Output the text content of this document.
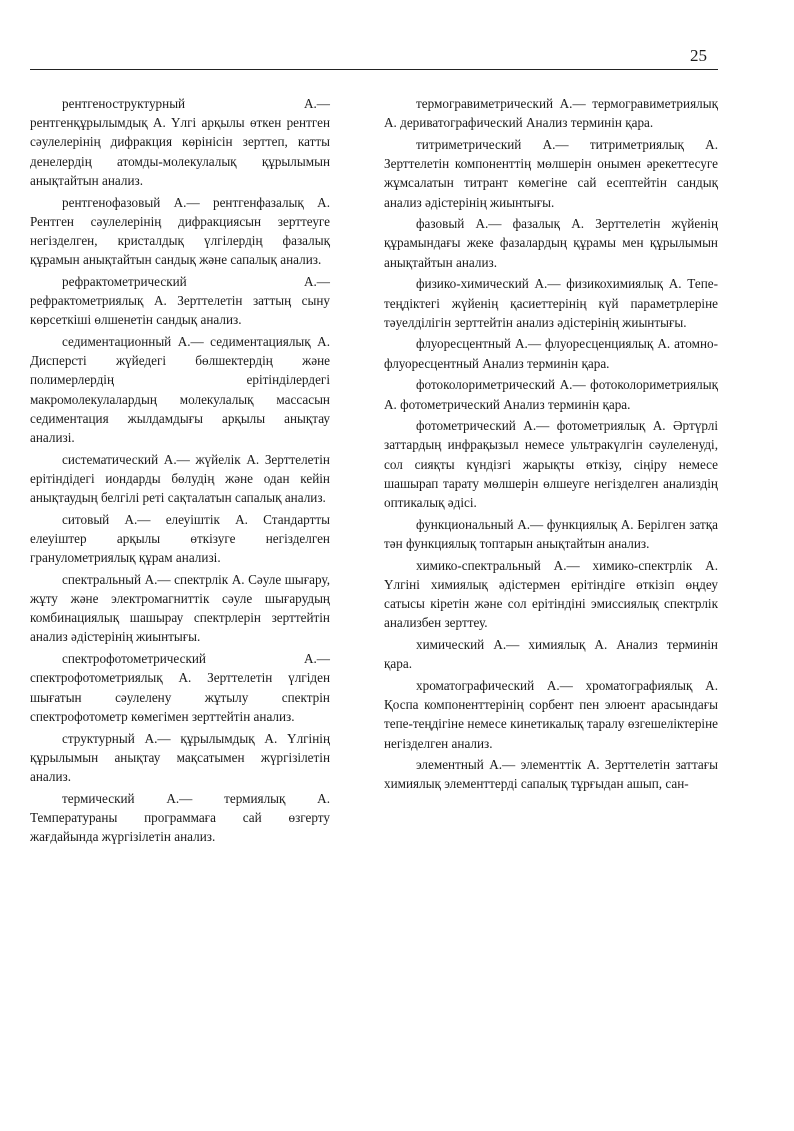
25

рентгеноструктурный А.— рентгенқұрылымдық А. Үлгі арқылы өткен рентген сәулелерінің дифракция көрінісін зерттеп, катты денелердің атомды-молекулалық құрылымын анықтайтын анализ.

рентгенофазовый А.— рентгенфазалық А. Рентген сәулелерінің дифракциясын зерттеуге негізделген, кристалдық үлгілердің фазалық құрамын анықтайтын сандық және сапалық анализ.

рефрактометрический А.— рефрактометриялық А. Зерттелетін заттың сыну көрсеткіші өлшенетін сандық анализ.

седиментационный А.— седиментациялық А. Дисперсті жүйедегі бөлшектердің және полимерлердің ерітінділердегі макромолекулалардың молекулалық массасын седиментация жылдамдығы арқылы анықтау анализі.

систематический А.— жүйелік А. Зерттелетін ерітіндідегі иондарды бөлудің және одан кейін анықтаудың белгілі реті сақталатын сапалық анализ.

ситовый А.— елеуіштік А. Стандартты елеуіштер арқылы өткізуге негізделген гранулометриялық құрам анализі.

спектральный А.— спектрлік А. Сәуле шығару, жұту және электромагниттік сәуле шығарудың комбинациялық шашырау спектрлерін зерттейтін анализ әдістерінің жиынтығы.

спектрофотометрический А.— спектрофотометриялық А. Зерттелетін үлгіден шығатын сәулелену жұтылу спектрін спектрофотометр көмегімен зерттейтін анализ.

структурный А.— құрылымдық А. Үлгінің құрылымын анықтау мақсатымен жүргізілетін анализ.

термический А.— термиялық А. Температураны программаға сай өзгерту жағдайында жүргізілетін анализ.

термогравиметрический А.— термогравиметриялық А. дериватографический Анализ терминін қара.

титриметрический А.— титриметриялық А. Зерттелетін компоненттің мөлшерін онымен әрекеттесуге жұмсалатын титрант көмегіне сай есептейтін сандық анализ әдістерінің жиынтығы.

фазовый А.— фазалық А. Зерттелетін жүйенің құрамындағы жеке фазалардың құрамы мен құрылымын анықтайтын анализ.

физико-химический А.— физикохимиялық А. Тепе-теңдіктегі жүйенің қасиеттерінің күй параметрлеріне тәуелділігін зерттейтін анализ әдістерінің жиынтығы.

флуоресцентный А.— флуоресценциялық А. атомно-флуоресцентный Анализ терминін қара.

фотоколориметрический А.— фотоколориметриялық А. фотометрический Анализ терминін қара.

фотометрический А.— фотометриялық А. Әртүрлі заттардың инфрақызыл немесе ультракүлгін сәулеленуді, сол сияқты күндізгі жарықты өткізу, сіңіру немесе шашырап тарату мөлшерін өлшеуге негізделген анализдің оптикалық әдісі.

функциональный А.— функциялық А. Берілген затқа тән функциялық топтарын анықтайтын анализ.

химико-спектральный А.— химико-спектрлік А. Үлгіні химиялық әдістермен ерітіндіге өткізіп өңдеу сатысы кіретін және сол ерітіндіні эмиссиялық спектрлік анализбен зерттеу.

химический А.— химиялық А. Анализ терминін қара.

хроматографический А.— хроматографиялық А. Қоспа компоненттерінің сорбент пен элюент арасындағы тепе-теңдігіне немесе кинетикалық таралу өзгешеліктеріне негізделген анализ.

элементный А.— элементтік А. Зерттелетін заттағы химиялық элементтерді сапалық тұрғыдан ашып, сан-
